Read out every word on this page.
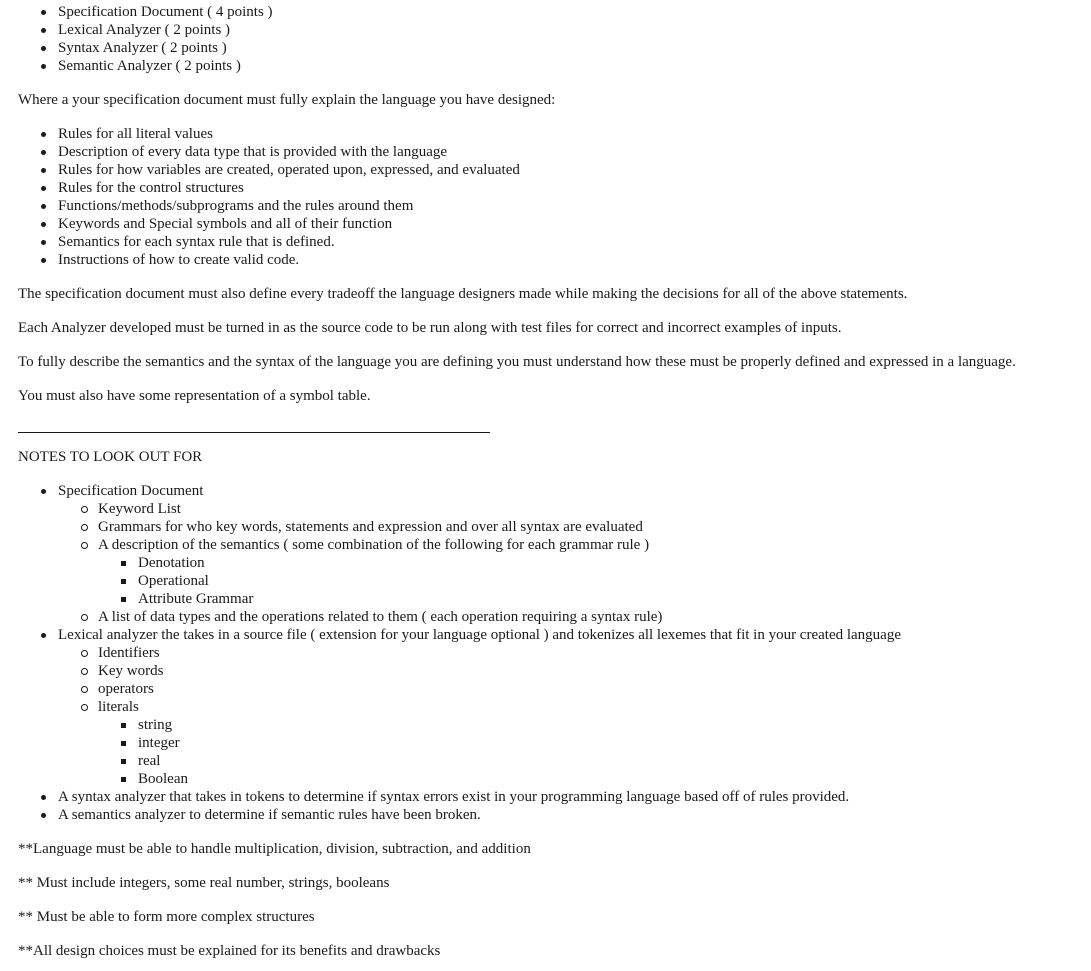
Specification Document ( 4 points )
Lexical Analyzer ( 2 points )
Syntax Analyzer ( 2 points )
Semantic Analyzer ( 2 points )

Where a your specification document must fully explain the language you have designed:

Rules for all literal values
Description of every data type that is provided with the language
Rules for how variables are created, operated upon, expressed, and evaluated
Rules for the control structures
Functions/methods/subprograms and the rules around them
Keywords and Special symbols and all of their function
Semantics for each syntax rule that is defined.
Instructions of how to create valid code.

The specification document must also define every tradeoff the language designers made while making the decisions for all of the above statements.

Each Analyzer developed must be turned in as the source code to be run along with test files for correct and incorrect examples of inputs.

To fully describe the semantics and the syntax of the language you are defining you must understand how these must be properly defined and expressed in a language.

You must also have some representation of a symbol table.

NOTES TO LOOK OUT FOR

Specification Document
Keyword List
Grammars for who key words, statements and expression and over all syntax are evaluated
A description of the semantics ( some combination of the following for each grammar rule )
Denotation
Operational
Attribute Grammar
A list of data types and the operations related to them ( each operation requiring a syntax rule)
Lexical analyzer the takes in a source file ( extension for your language optional ) and tokenizes all lexemes that fit in your created language
Identifiers
Key words
operators
literals
string
integer
real
Boolean
A syntax analyzer that takes in tokens to determine if syntax errors exist in your programming language based off of rules provided.
A semantics analyzer to determine if semantic rules have been broken.

**Language must be able to handle multiplication, division, subtraction, and addition

** Must include integers, some real number, strings, booleans

** Must be able to form more complex structures

**All design choices must be explained for its benefits and drawbacks
